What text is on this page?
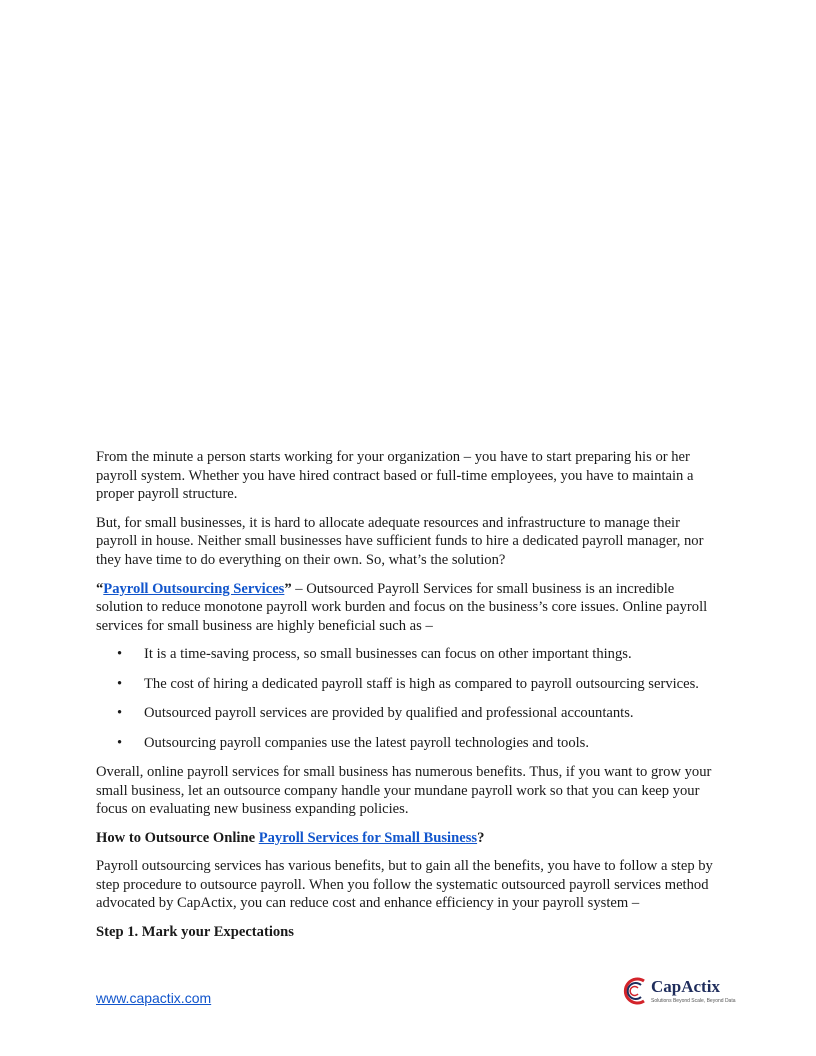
From the minute a person starts working for your organization – you have to start preparing his or her payroll system. Whether you have hired contract based or full-time employees, you have to maintain a proper payroll structure.

But, for small businesses, it is hard to allocate adequate resources and infrastructure to manage their payroll in house. Neither small businesses have sufficient funds to hire a dedicated payroll manager, nor they have time to do everything on their own. So, what’s the solution?

“Payroll Outsourcing Services” – Outsourced Payroll Services for small business is an incredible solution to reduce monotone payroll work burden and focus on the business’s core issues. Online payroll services for small business are highly beneficial such as –

• It is a time-saving process, so small businesses can focus on other important things.
• The cost of hiring a dedicated payroll staff is high as compared to payroll outsourcing services.
• Outsourced payroll services are provided by qualified and professional accountants.
• Outsourcing payroll companies use the latest payroll technologies and tools.

Overall, online payroll services for small business has numerous benefits. Thus, if you want to grow your small business, let an outsource company handle your mundane payroll work so that you can keep your focus on evaluating new business expanding policies.

How to Outsource Online Payroll Services for Small Business?

Payroll outsourcing services has various benefits, but to gain all the benefits, you have to follow a step by step procedure to outsource payroll. When you follow the systematic outsourced payroll services method advocated by CapActix, you can reduce cost and enhance efficiency in your payroll system –

Step 1. Mark your Expectations

www.capactix.com
CapActix
Solutions Beyond Scale, Beyond Data
